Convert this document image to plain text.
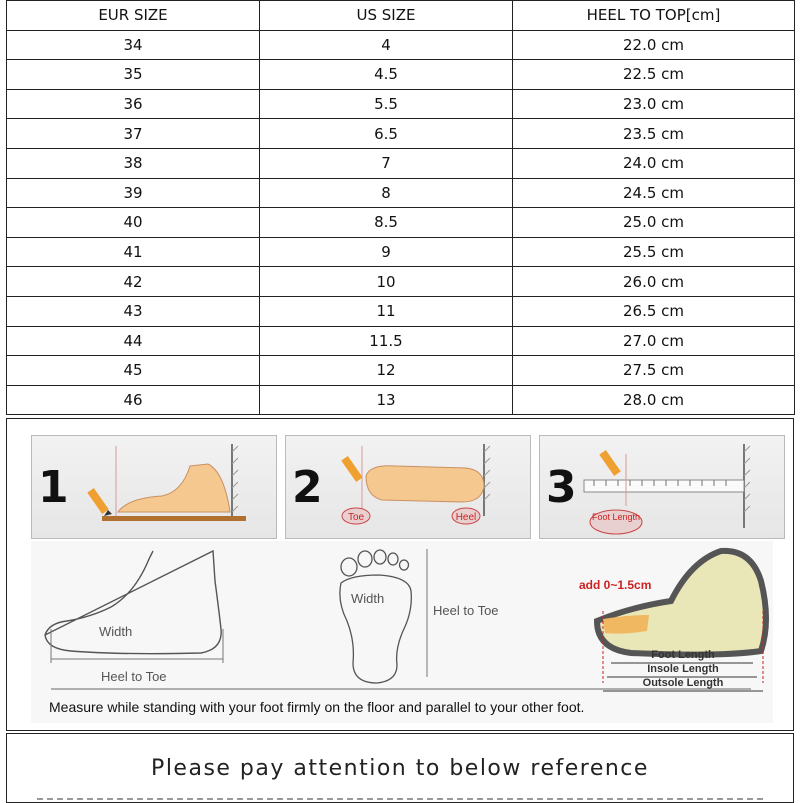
EUR SIZE	US SIZE	HEEL TO TOP[cm]
34	4	22.0 cm
35	4.5	22.5 cm
36	5.5	23.0 cm
37	6.5	23.5 cm
38	7	24.0 cm
39	8	24.5 cm
40	8.5	25.0 cm
41	9	25.5 cm
42	10	26.0 cm
43	11	26.5 cm
44	11.5	27.0 cm
45	12	27.5 cm
46	13	28.0 cm
1	2
Toe	Heel
3
Foot Length
Width
Heel to Toe
Width
Heel to Toe
add 0~1.5cm
Foot Length
Insole Length
Outsole Length
Measure while standing with your foot firmly on the floor and parallel to your other foot.
Please pay attention to below reference
